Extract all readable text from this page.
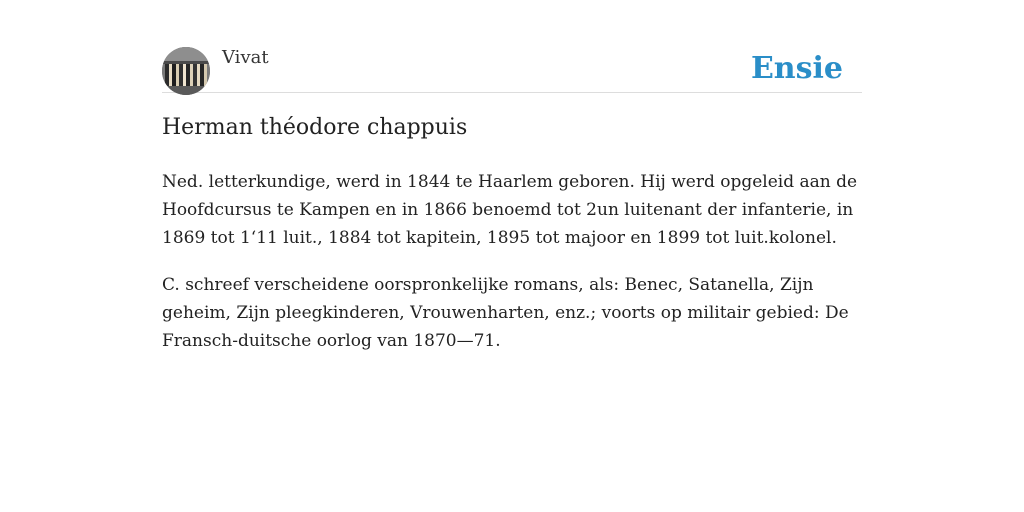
Vivat	Ensie
Herman théodore chappuis

Ned. letterkundige, werd in 1844 te Haarlem geboren. Hij werd opgeleid aan de Hoofdcursus te Kampen en in 1866 benoemd tot 2un luitenant der infanterie, in 1869 tot 1‘11 luit., 1884 tot kapitein, 1895 tot majoor en 1899 tot luit.kolonel.

C. schreef verscheidene oorspronkelijke romans, als: Benec, Satanella, Zijn geheim, Zijn pleegkinderen, Vrouwenharten, enz.; voorts op militair gebied: De Fransch-duitsche oorlog van 1870—71.
